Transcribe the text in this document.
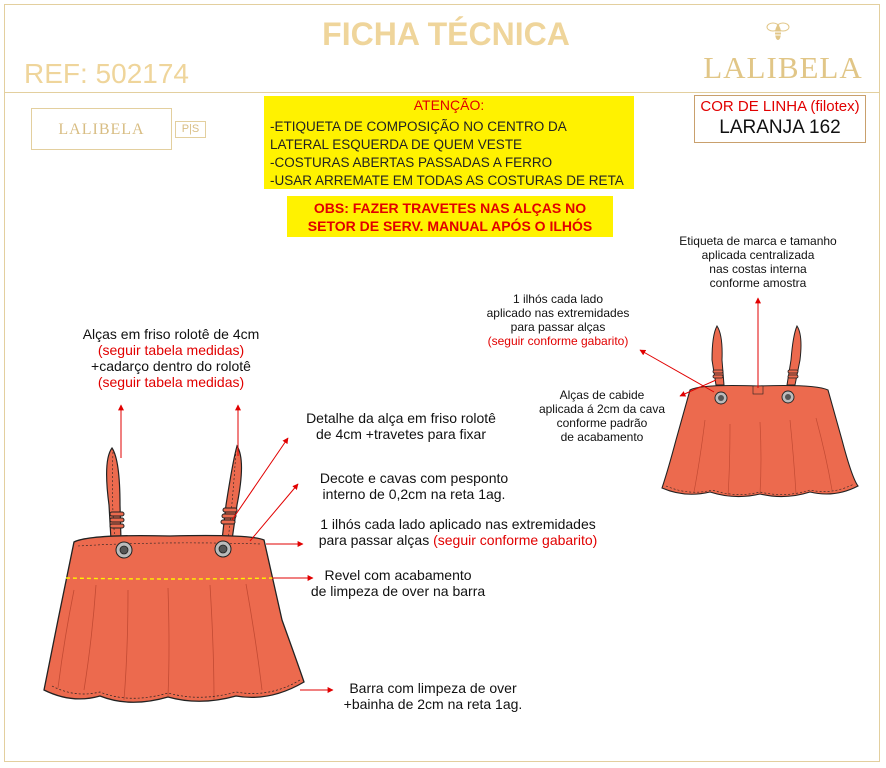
FICHA TÉCNICA
REF: 502174	LALIBELA
LALIBELA	P|S
ATENÇÃO:
-ETIQUETA DE COMPOSIÇÃO NO CENTRO DA
LATERAL ESQUERDA DE QUEM VESTE
-COSTURAS ABERTAS PASSADAS A FERRO
-USAR ARREMATE EM TODAS AS COSTURAS DE RETA
OBS: FAZER TRAVETES NAS ALÇAS NO
SETOR DE SERV. MANUAL APÓS O ILHÓS
COR DE LINHA (filotex)
LARANJA 162
Alças em friso rolotê de 4cm
(seguir tabela medidas)
+cadarço dentro do rolotê
(seguir tabela medidas)
Detalhe da alça em friso rolotê
de 4cm +travetes para fixar
Decote e cavas com pesponto
interno de 0,2cm na reta 1ag.
1 ilhós cada lado aplicado nas extremidades
para passar alças (seguir conforme gabarito)
Revel com acabamento
de limpeza de over na barra
Barra com limpeza de over
+bainha de 2cm na reta 1ag.
Etiqueta de marca e tamanho
aplicada centralizada
nas costas interna
conforme amostra
1 ilhós cada lado
aplicado nas extremidades
para passar alças
(seguir conforme gabarito)
Alças de cabide
aplicada á 2cm da cava
conforme padrão
de acabamento
